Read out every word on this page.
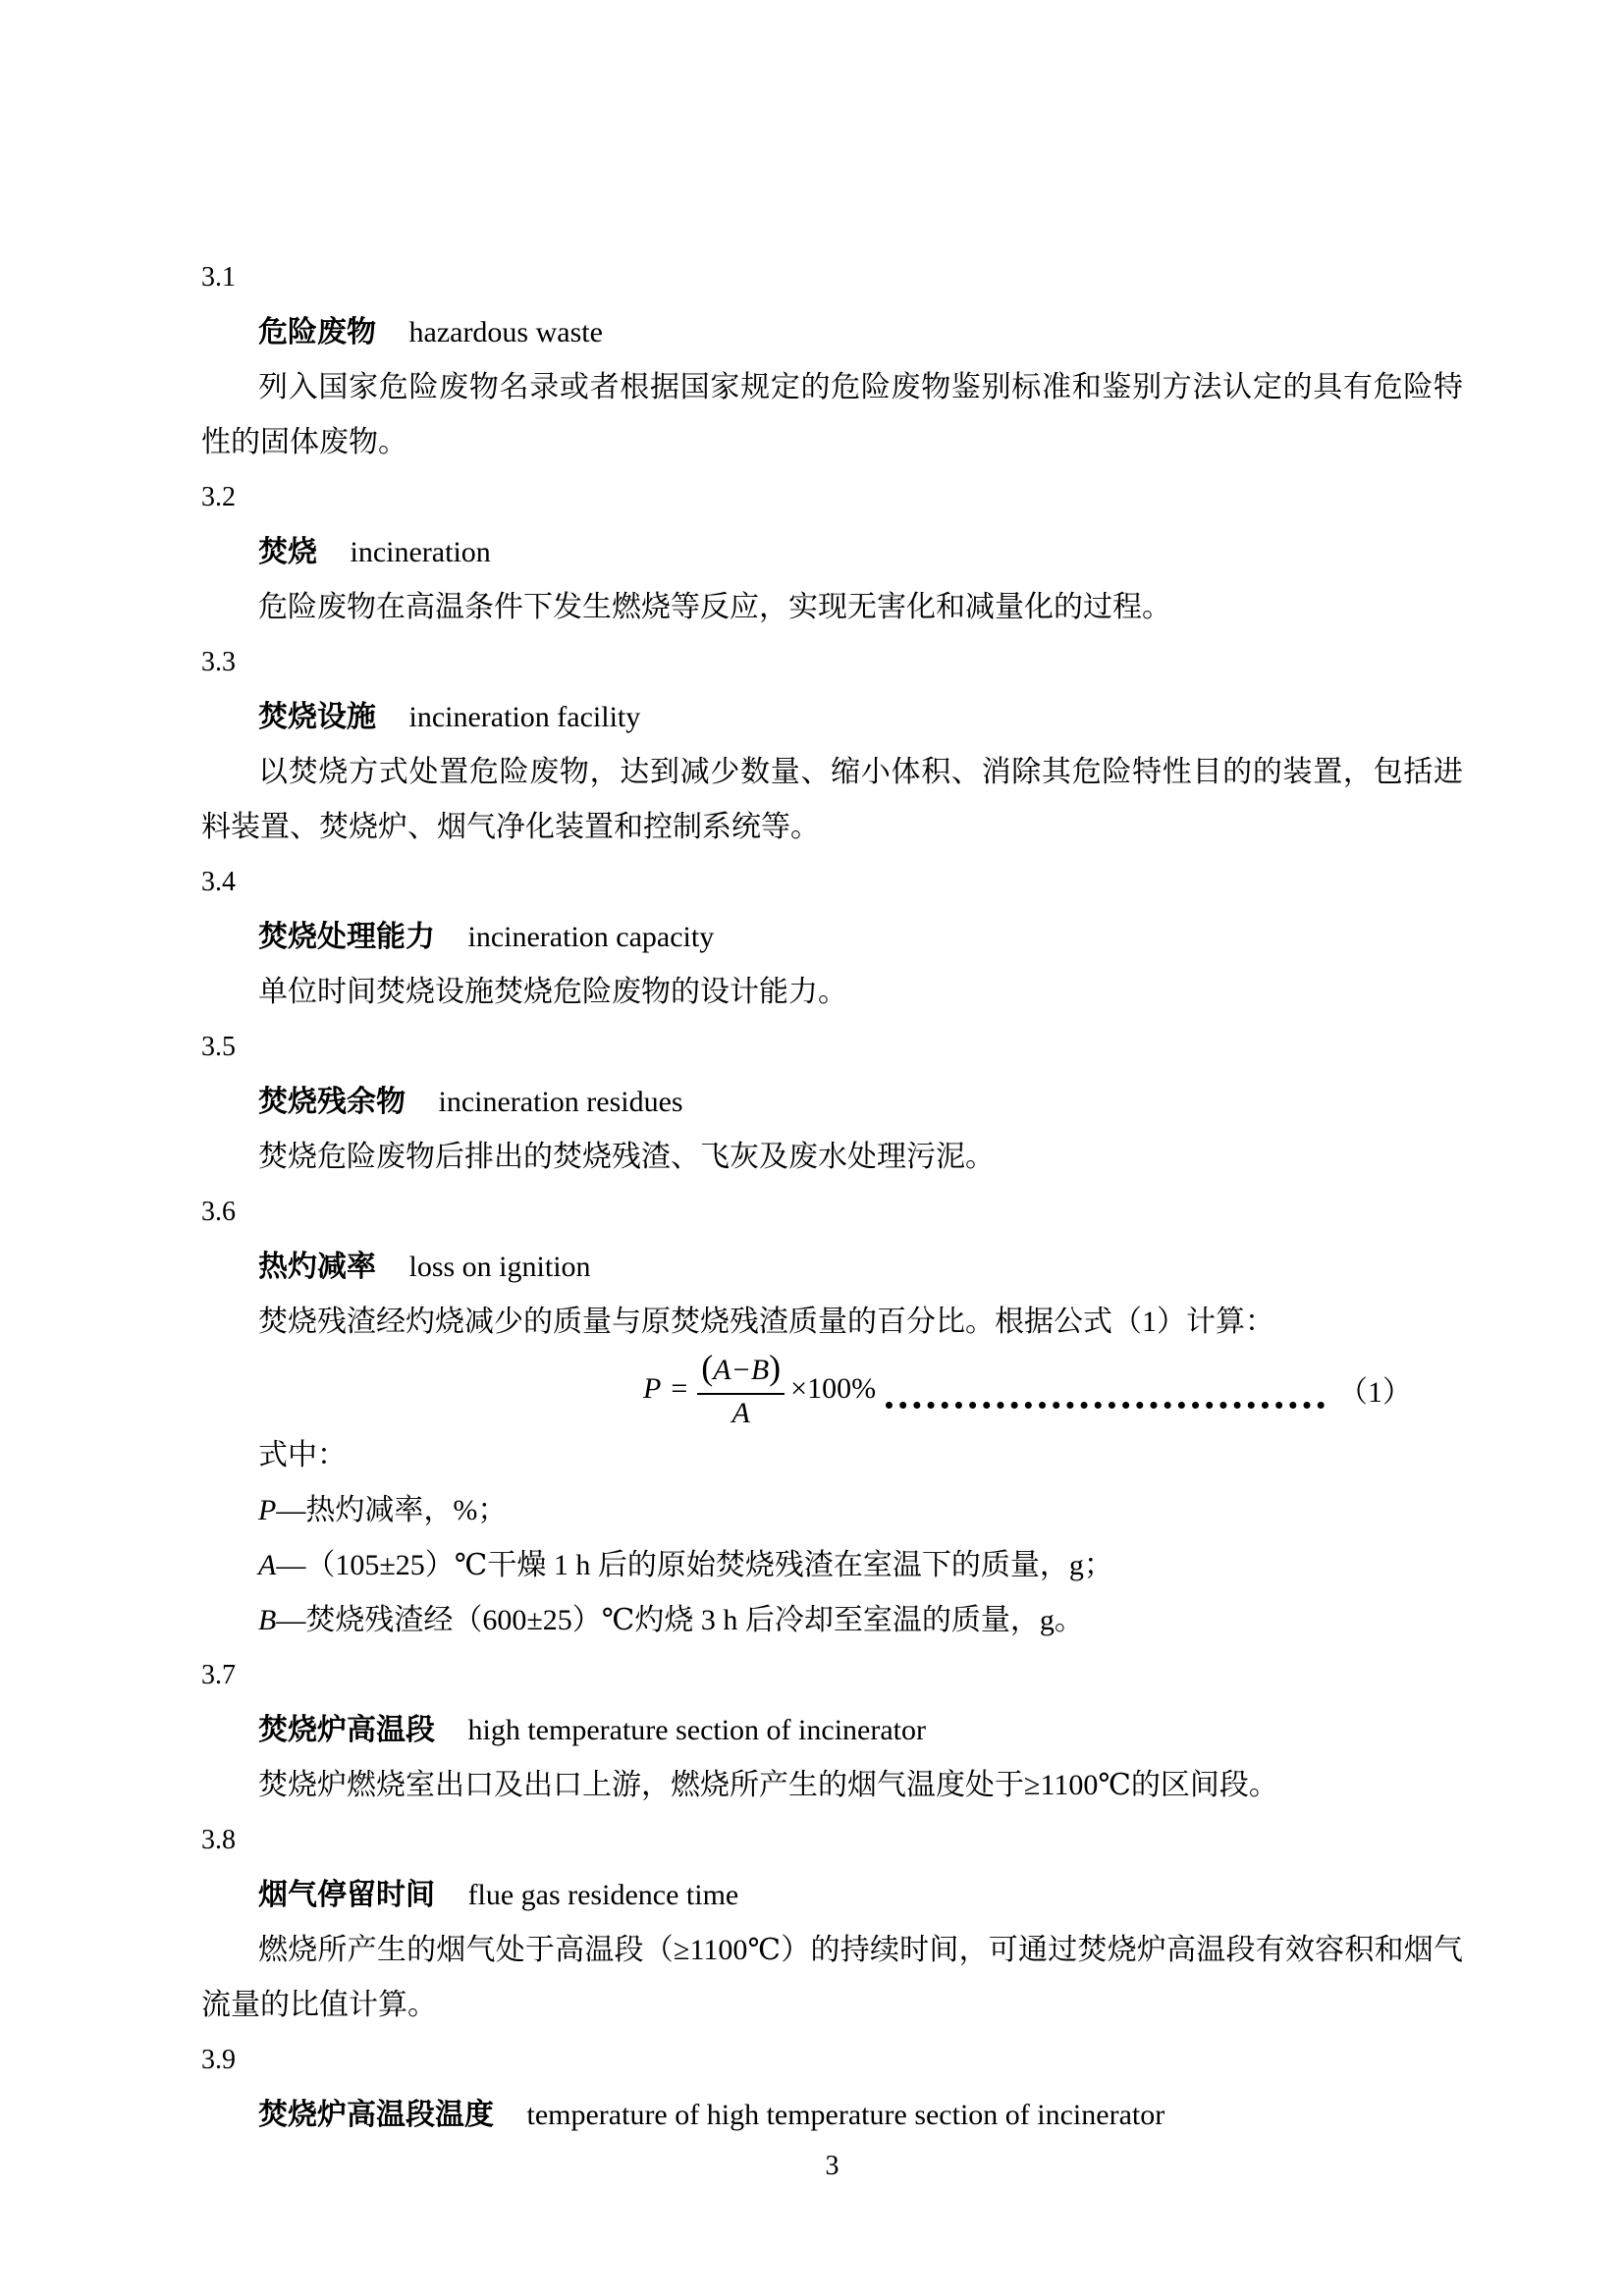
3.1
危险废物 hazardous waste

列入国家危险废物名录或者根据国家规定的危险废物鉴别标准和鉴别方法认定的具有危险特性的固体废物。

3.2
焚烧 incineration

危险废物在高温条件下发生燃烧等反应，实现无害化和减量化的过程。

3.3
焚烧设施 incineration facility

以焚烧方式处置危险废物，达到减少数量、缩小体积、消除其危险特性目的的装置，包括进料装置、焚烧炉、烟气净化装置和控制系统等。

3.4
焚烧处理能力 incineration capacity

单位时间焚烧设施焚烧危险废物的设计能力。

3.5
焚烧残余物 incineration residues

焚烧危险废物后排出的焚烧残渣、飞灰及废水处理污泥。

3.6
热灼减率 loss on ignition

焚烧残渣经灼烧减少的质量与原焚烧残渣质量的百分比。根据公式（1）计算：

$P = \frac{(A-B)}{A} \times 100\%$	（1）
式中：
P—热灼减率，%；
A—（105±25）℃干燥 1 h 后的原始焚烧残渣在室温下的质量，g；
B—焚烧残渣经（600±25）℃灼烧 3 h 后冷却至室温的质量，g。
3.7
焚烧炉高温段 high temperature section of incinerator

焚烧炉燃烧室出口及出口上游，燃烧所产生的烟气温度处于≥1100℃的区间段。

3.8
烟气停留时间 flue gas residence time

燃烧所产生的烟气处于高温段（≥1100℃）的持续时间，可通过焚烧炉高温段有效容积和烟气流量的比值计算。

3.9
焚烧炉高温段温度 temperature of high temperature section of incinerator
3
